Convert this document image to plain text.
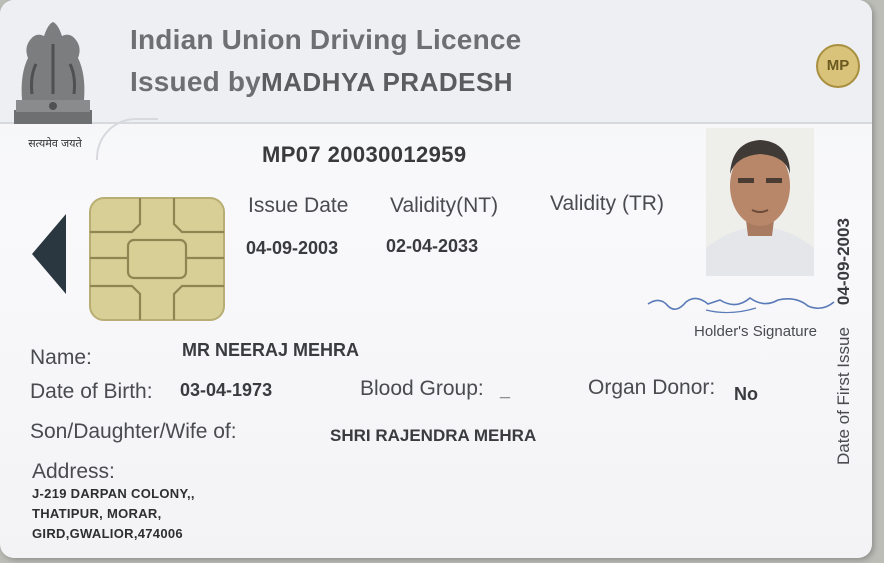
सत्यमेव जयते
Indian Union Driving Licence
Issued byMADHYA PRADESH
MP
MP07 20030012959
Issue Date Validity(NT) Validity (TR)
04-09-2003	02-04-2033
Holder's Signature Date of First Issue04-09-2003
Name:	MR NEERAJ MEHRA
Date of Birth: 03-04-1973	Blood Group: _	Organ Donor: No
Son/Daughter/Wife of:	SHRI RAJENDRA MEHRA
Address:
J-219 DARPAN COLONY,,
THATIPUR, MORAR,
GIRD,GWALIOR,474006
